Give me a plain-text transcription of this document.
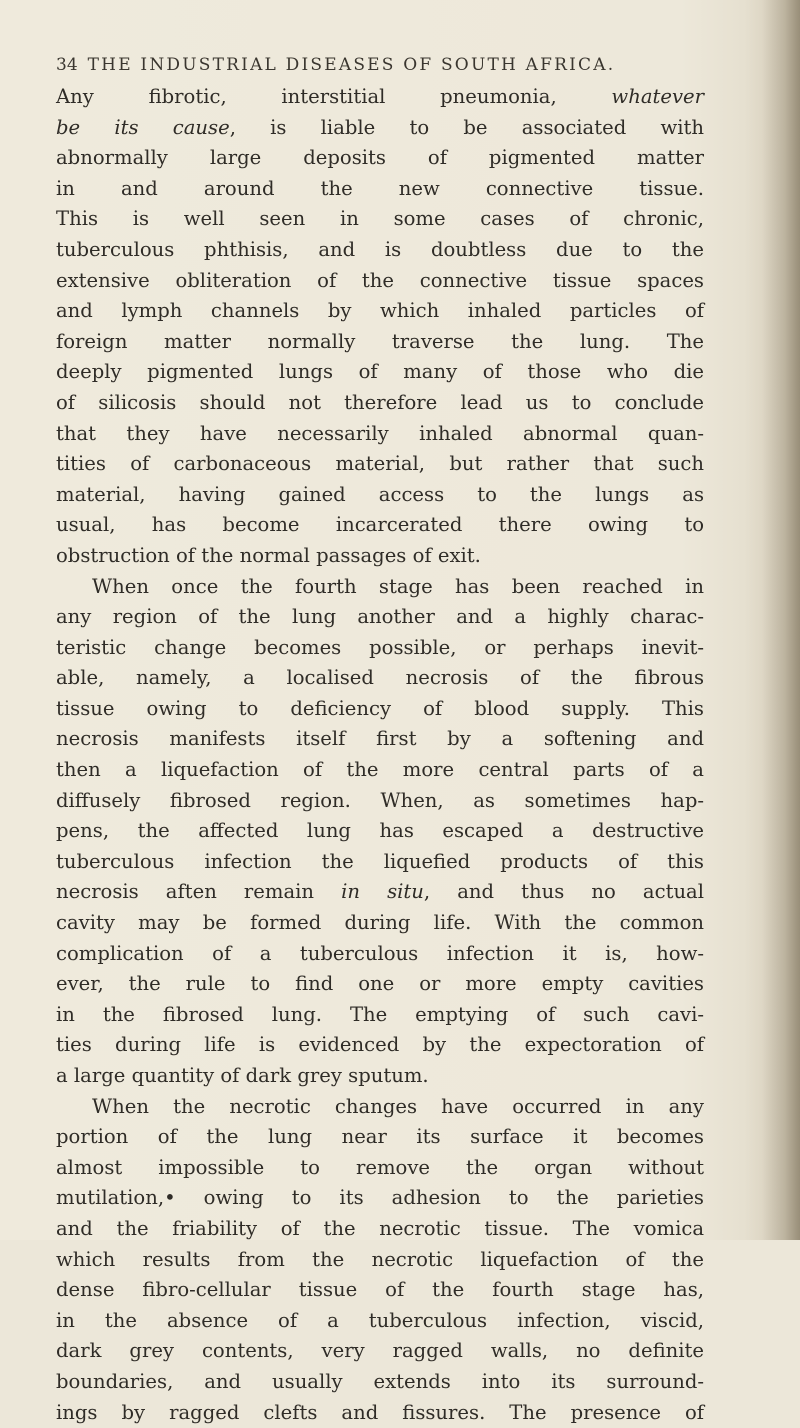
34 THE INDUSTRIAL DISEASES OF SOUTH AFRICA.
Any fibrotic, interstitial pneumonia, whatever
be its cause, is liable to be associated with
abnormally large deposits of pigmented matter
in and around the new connective tissue.
This is well seen in some cases of chronic,
tuberculous phthisis, and is doubtless due to the
extensive obliteration of the connective tissue spaces
and lymph channels by which inhaled particles of
foreign matter normally traverse the lung. The
deeply pigmented lungs of many of those who die
of silicosis should not therefore lead us to conclude
that they have necessarily inhaled abnormal quan-
tities of carbonaceous material, but rather that such
material, having gained access to the lungs as
usual, has become incarcerated there owing to
obstruction of the normal passages of exit.
When once the fourth stage has been reached in
any region of the lung another and a highly charac-
teristic change becomes possible, or perhaps inevit-
able, namely, a localised necrosis of the fibrous
tissue owing to deficiency of blood supply. This
necrosis manifests itself first by a softening and
then a liquefaction of the more central parts of a
diffusely fibrosed region. When, as sometimes hap-
pens, the affected lung has escaped a destructive
tuberculous infection the liquefied products of this
necrosis aften remain in situ, and thus no actual
cavity may be formed during life. With the common
complication of a tuberculous infection it is, how-
ever, the rule to find one or more empty cavities
in the fibrosed lung. The emptying of such cavi-
ties during life is evidenced by the expectoration of
a large quantity of dark grey sputum.
When the necrotic changes have occurred in any
portion of the lung near its surface it becomes
almost impossible to remove the organ without
mutilation,• owing to its adhesion to the parieties
and the friability of the necrotic tissue. The vomica
which results from the necrotic liquefaction of the
dense fibro-cellular tissue of the fourth stage has,
in the absence of a tuberculous infection, viscid,
dark grey contents, very ragged walls, no definite
boundaries, and usually extends into its surround-
ings by ragged clefts and fissures. The presence of
